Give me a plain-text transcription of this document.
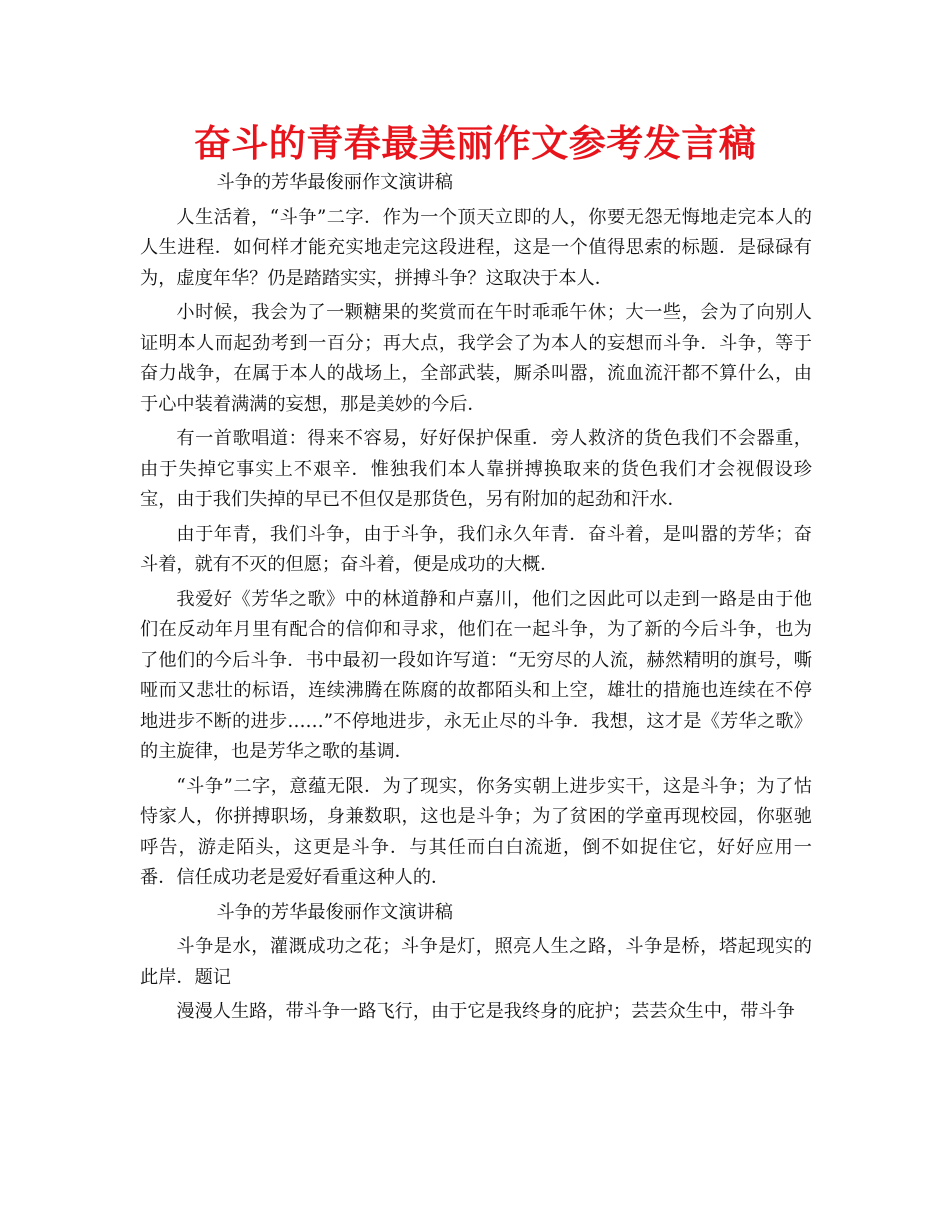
奋斗的青春最美丽作文参考发言稿

斗争的芳华最俊丽作文演讲稿

人生活着，“斗争”二字．作为一个顶天立即的人，你要无怨无悔地走完本人的人生进程．如何样才能充实地走完这段进程，这是一个值得思索的标题．是碌碌有为，虚度年华？仍是踏踏实实，拼搏斗争？这取决于本人．

小时候，我会为了一颗糖果的奖赏而在午时乖乖午休；大一些，会为了向别人证明本人而起劲考到一百分；再大点，我学会了为本人的妄想而斗争．斗争，等于奋力战争，在属于本人的战场上，全部武装，厮杀叫嚣，流血流汗都不算什么，由于心中装着满满的妄想，那是美妙的今后．

有一首歌唱道：得来不容易，好好保护保重．旁人救济的货色我们不会器重，由于失掉它事实上不艰辛．惟独我们本人靠拼搏换取来的货色我们才会视假设珍宝，由于我们失掉的早已不但仅是那货色，另有附加的起劲和汗水．

由于年青，我们斗争，由于斗争，我们永久年青．奋斗着，是叫嚣的芳华；奋斗着，就有不灭的但愿；奋斗着，便是成功的大概．

我爱好《芳华之歌》中的林道静和卢嘉川，他们之因此可以走到一路是由于他们在反动年月里有配合的信仰和寻求，他们在一起斗争，为了新的今后斗争，也为了他们的今后斗争．书中最初一段如许写道：“无穷尽的人流，赫然精明的旗号，嘶哑而又悲壮的标语，连续沸腾在陈腐的故都陌头和上空，雄壮的措施也连续在不停地进步不断的进步……”不停地进步，永无止尽的斗争．我想，这才是《芳华之歌》的主旋律，也是芳华之歌的基调．

“斗争”二字，意蕴无限．为了现实，你务实朝上进步实干，这是斗争；为了怙恃家人，你拼搏职场，身兼数职，这也是斗争；为了贫困的学童再现校园，你驱驰呼告，游走陌头，这更是斗争．与其任而白白流逝，倒不如捉住它，好好应用一番．信任成功老是爱好看重这种人的．

斗争的芳华最俊丽作文演讲稿

斗争是水，灌溉成功之花；斗争是灯，照亮人生之路，斗争是桥，塔起现实的此岸．题记

漫漫人生路，带斗争一路飞行，由于它是我终身的庇护；芸芸众生中，带斗争
